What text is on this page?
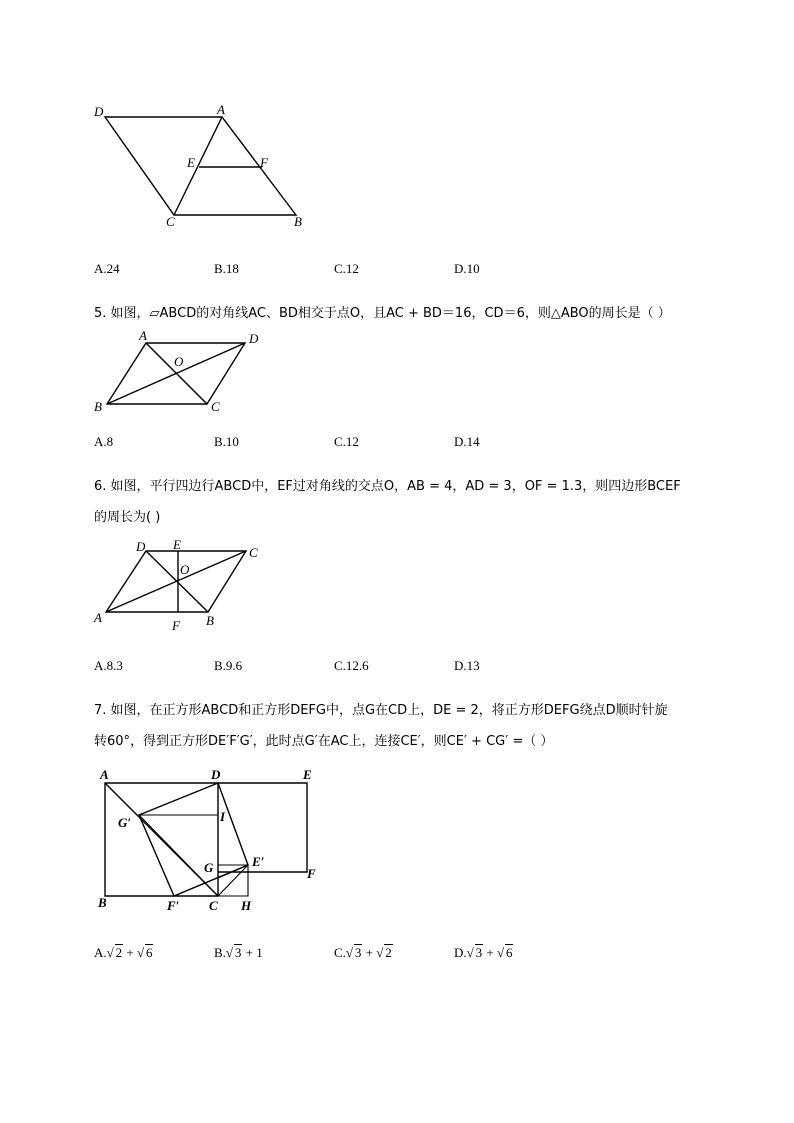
D	A
E	F
C	B
A.24	B.18	C.12	D.10
5. 如图，▱ABCD的对角线AC、BD相交于点O，且AC + BD＝16，CD＝6，则△ABO的周长是（ ）
A
O
D
B	C
A.8	B.10	C.12	D.14
6. 如图，平行四边行ABCD中，EF过对角线的交点O，AB = 4，AD = 3，OF = 1.3，则四边形BCEF
的周长为( )
D E
C
O
A
F B
A.8.3	B.9.6	C.12.6	D.13
7. 如图，在正方形ABCD和正方形DEFG中，点G在CD上，DE = 2，将正方形DEFG绕点D顺时针旋
转60°，得到正方形DE′F′G′，此时点G′在AC上，连接CE′，则CE′ + CG′ =（ ）
A	D	E
G′	I
G	E′
F
B	F′ C H
A. √ 2 + √ 6	B. √ 3 + 1	C. √ 3 + √ 2	D. √ 3 + √ 6
